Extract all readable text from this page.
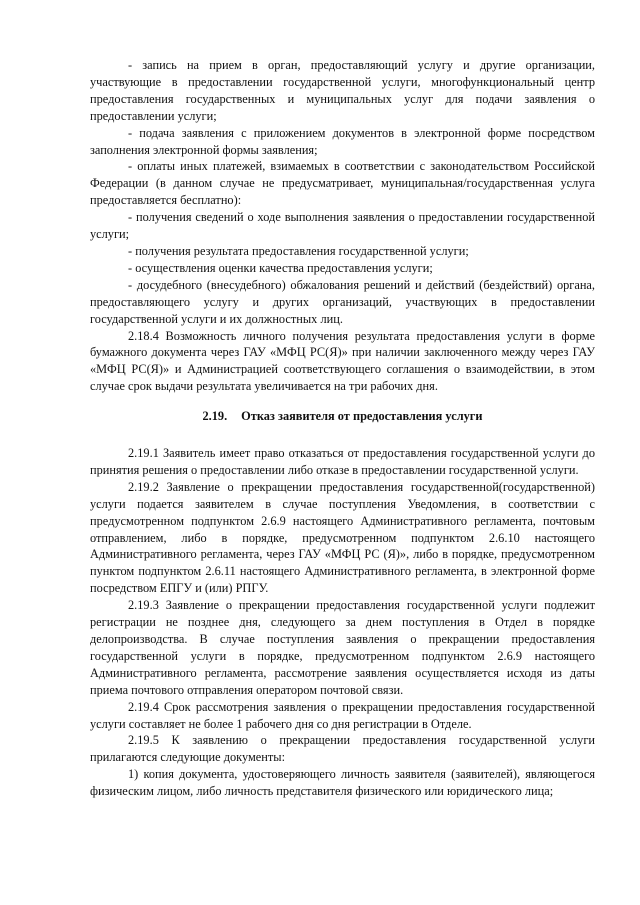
- запись на прием в орган, предоставляющий услугу и другие организации, участвующие в предоставлении государственной услуги, многофункциональный центр предоставления государственных и муниципальных услуг для подачи заявления о предоставлении услуги;

- подача заявления с приложением документов в электронной форме посредством заполнения электронной формы заявления;

- оплаты иных платежей, взимаемых в соответствии с законодательством Российской Федерации (в данном случае не предусматривает, муниципальная/государственная услуга предоставляется бесплатно):

- получения сведений о ходе выполнения заявления о предоставлении государственной услуги;

- получения результата предоставления государственной услуги;

- осуществления оценки качества предоставления услуги;

- досудебного (внесудебного) обжалования решений и действий (бездействий) органа, предоставляющего услугу и других организаций, участвующих в предоставлении государственной услуги и их должностных лиц.

2.18.4 Возможность личного получения результата предоставления услуги в форме бумажного документа через ГАУ «МФЦ РС(Я)» при наличии заключенного между через ГАУ «МФЦ РС(Я)» и Администрацией соответствующего соглашения о взаимодействии, в этом случае срок выдачи результата увеличивается на три рабочих дня.

2.19. Отказ заявителя от предоставления услуги

2.19.1 Заявитель имеет право отказаться от предоставления государственной услуги до принятия решения о предоставлении либо отказе в предоставлении государственной услуги.

2.19.2 Заявление о прекращении предоставления государственной(государственной) услуги подается заявителем в случае поступления Уведомления, в соответствии с предусмотренном подпунктом 2.6.9 настоящего Административного регламента, почтовым отправлением, либо в порядке, предусмотренном подпунктом 2.6.10 настоящего Административного регламента, через ГАУ «МФЦ РС (Я)», либо в порядке, предусмотренном пунктом подпунктом 2.6.11 настоящего Административного регламента, в электронной форме посредством ЕПГУ и (или) РПГУ.

2.19.3 Заявление о прекращении предоставления государственной услуги подлежит регистрации не позднее дня, следующего за днем поступления в Отдел в порядке делопроизводства. В случае поступления заявления о прекращении предоставления государственной услуги в порядке, предусмотренном подпунктом 2.6.9 настоящего Административного регламента, рассмотрение заявления осуществляется исходя из даты приема почтового отправления оператором почтовой связи.

2.19.4 Срок рассмотрения заявления о прекращении предоставления государственной услуги составляет не более 1 рабочего дня со дня регистрации в Отделе.

2.19.5 К заявлению о прекращении предоставления государственной услуги прилагаются следующие документы:

1) копия документа, удостоверяющего личность заявителя (заявителей), являющегося физическим лицом, либо личность представителя физического или юридического лица;
